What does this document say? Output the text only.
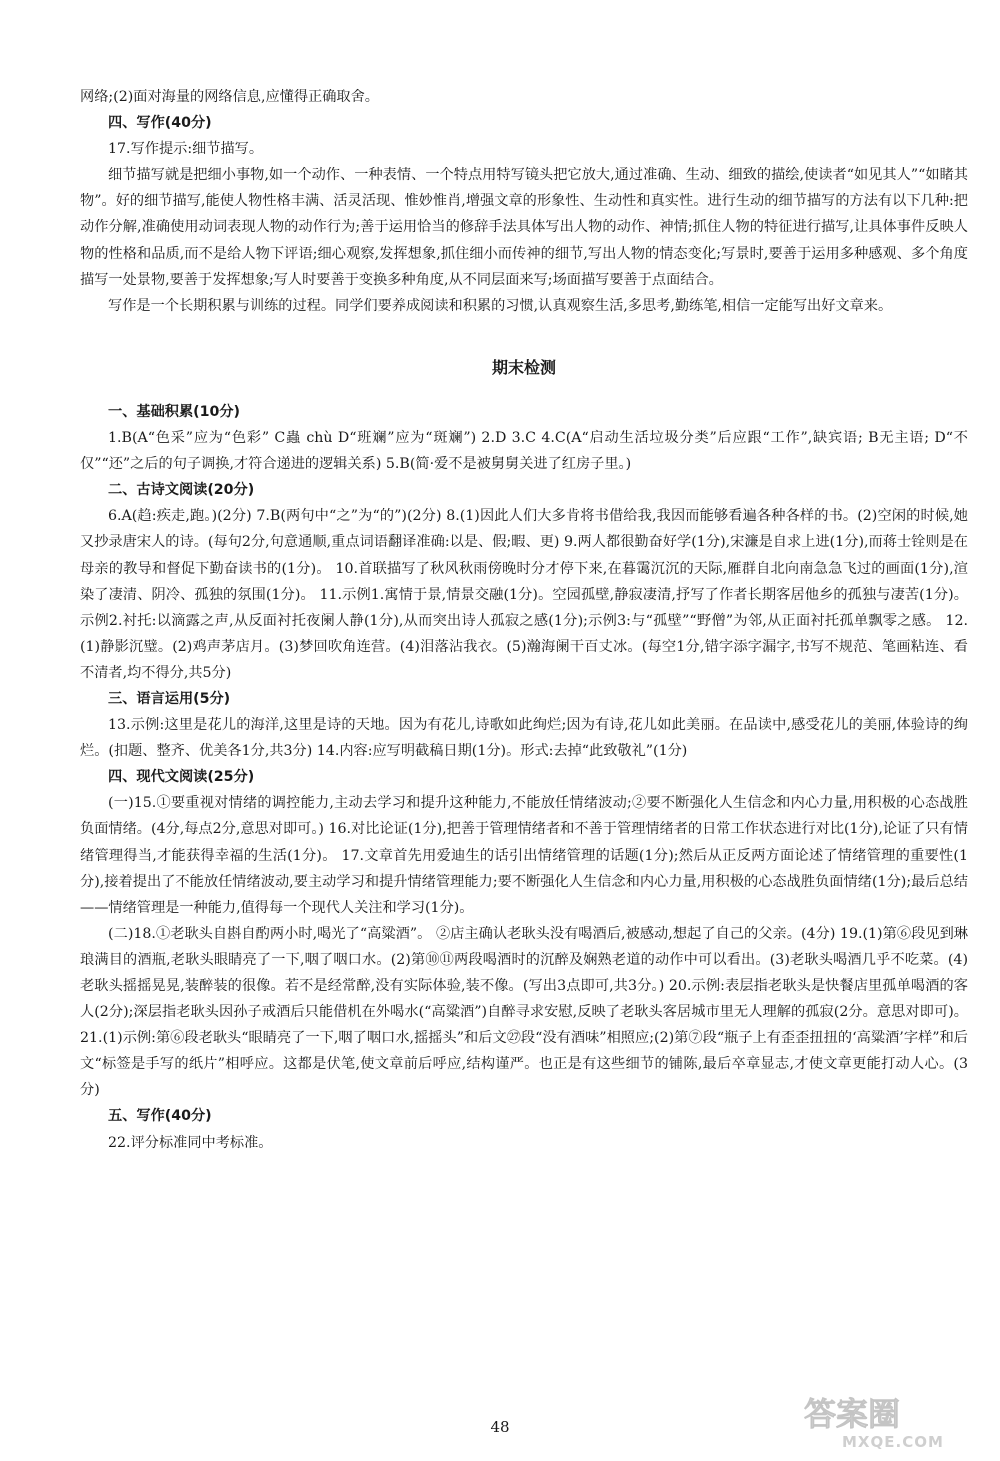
网络;(2)面对海量的网络信息,应懂得正确取舍。

四、写作(40分)

17.写作提示:细节描写。

细节描写就是把细小事物,如一个动作、一种表情、一个特点用特写镜头把它放大,通过准确、生动、细致的描绘,使读者“如见其人”“如睹其物”。好的细节描写,能使人物性格丰满、活灵活现、惟妙惟肖,增强文章的形象性、生动性和真实性。进行生动的细节描写的方法有以下几种:把动作分解,准确使用动词表现人物的动作行为;善于运用恰当的修辞手法具体写出人物的动作、神情;抓住人物的特征进行描写,让具体事件反映人物的性格和品质,而不是给人物下评语;细心观察,发挥想象,抓住细小而传神的细节,写出人物的情态变化;写景时,要善于运用多种感观、多个角度描写一处景物,要善于发挥想象;写人时要善于变换多种角度,从不同层面来写;场面描写要善于点面结合。

写作是一个长期积累与训练的过程。同学们要养成阅读和积累的习惯,认真观察生活,多思考,勤练笔,相信一定能写出好文章来。

期末检测

一、基础积累(10分)

1.B(A“色采”应为“色彩” C蟲 chù D“班斓”应为“斑斓”) 2.D 3.C 4.C(A“启动生活垃圾分类”后应跟“工作”,缺宾语; B无主语; D“不仅”“还”之后的句子调换,才符合递进的逻辑关系) 5.B(简·爱不是被舅舅关进了红房子里。)

二、古诗文阅读(20分)

6.A(趋:疾走,跑。)(2分) 7.B(两句中“之”为“的”)(2分) 8.(1)因此人们大多肯将书借给我,我因而能够看遍各种各样的书。(2)空闲的时候,她又抄录唐宋人的诗。(每句2分,句意通顺,重点词语翻译准确:以是、假;暇、更) 9.两人都很勤奋好学(1分),宋濂是自求上进(1分),而蒋士铨则是在母亲的教导和督促下勤奋读书的(1分)。 10.首联描写了秋风秋雨傍晚时分才停下来,在暮霭沉沉的天际,雁群自北向南急急飞过的画面(1分),渲染了凄清、阴冷、孤独的氛围(1分)。 11.示例1.寓情于景,情景交融(1分)。空园孤壁,静寂凄清,抒写了作者长期客居他乡的孤独与凄苦(1分)。示例2.衬托:以滴露之声,从反面衬托夜阑人静(1分),从而突出诗人孤寂之感(1分);示例3:与“孤壁”“野僧”为邻,从正面衬托孤单飘零之感。 12.(1)静影沉璧。(2)鸡声茅店月。(3)梦回吹角连营。(4)泪落沾我衣。(5)瀚海阑干百丈冰。(每空1分,错字添字漏字,书写不规范、笔画粘连、看不清者,均不得分,共5分)

三、语言运用(5分)

13.示例:这里是花儿的海洋,这里是诗的天地。因为有花儿,诗歌如此绚烂;因为有诗,花儿如此美丽。在品读中,感受花儿的美丽,体验诗的绚烂。(扣题、整齐、优美各1分,共3分) 14.内容:应写明截稿日期(1分)。形式:去掉“此致敬礼”(1分)

四、现代文阅读(25分)

(一)15.①要重视对情绪的调控能力,主动去学习和提升这种能力,不能放任情绪波动;②要不断强化人生信念和内心力量,用积极的心态战胜负面情绪。(4分,每点2分,意思对即可。) 16.对比论证(1分),把善于管理情绪者和不善于管理情绪者的日常工作状态进行对比(1分),论证了只有情绪管理得当,才能获得幸福的生活(1分)。 17.文章首先用爱迪生的话引出情绪管理的话题(1分);然后从正反两方面论述了情绪管理的重要性(1分),接着提出了不能放任情绪波动,要主动学习和提升情绪管理能力;要不断强化人生信念和内心力量,用积极的心态战胜负面情绪(1分);最后总结——情绪管理是一种能力,值得每一个现代人关注和学习(1分)。

(二)18.①老耿头自斟自酌两小时,喝光了“高粱酒”。 ②店主确认老耿头没有喝酒后,被感动,想起了自己的父亲。(4分) 19.(1)第⑥段见到琳琅满目的酒瓶,老耿头眼睛亮了一下,咽了咽口水。(2)第⑩⑪两段喝酒时的沉醉及娴熟老道的动作中可以看出。(3)老耿头喝酒几乎不吃菜。(4)老耿头摇摇晃晃,装醉装的很像。若不是经常醉,没有实际体验,装不像。(写出3点即可,共3分。) 20.示例:表层指老耿头是快餐店里孤单喝酒的客人(2分);深层指老耿头因孙子戒酒后只能借机在外喝水(“高粱酒”)自醉寻求安慰,反映了老耿头客居城市里无人理解的孤寂(2分。意思对即可)。 21.(1)示例:第⑥段老耿头“眼睛亮了一下,咽了咽口水,摇摇头”和后文㉗段“没有酒味”相照应;(2)第⑦段“瓶子上有歪歪扭扭的‘高粱酒’字样”和后文“标签是手写的纸片”相呼应。这都是伏笔,使文章前后呼应,结构谨严。也正是有这些细节的铺陈,最后卒章显志,才使文章更能打动人心。(3分)

五、写作(40分)

22.评分标准同中考标准。

48	答案圈
MXQE.COM
